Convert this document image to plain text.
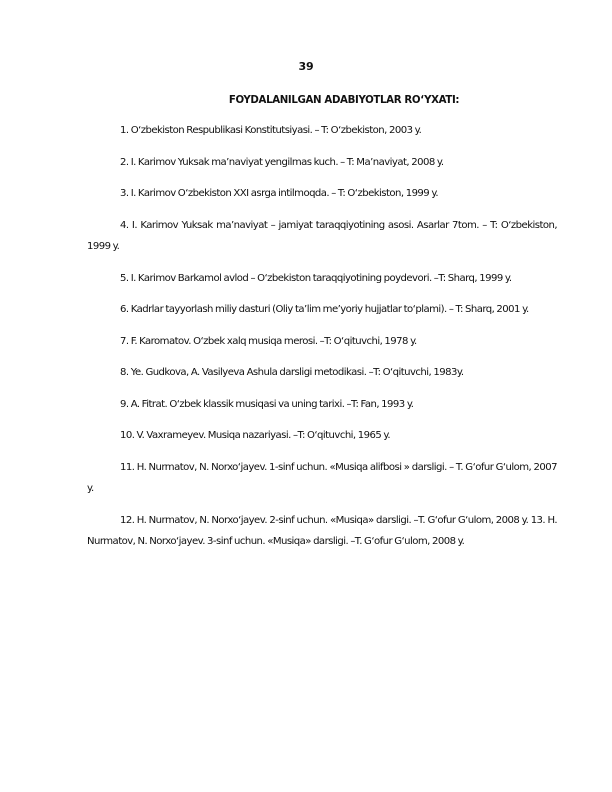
39
FOYDALANILGAN ADABIYOTLAR RO‘YXATI:

1. O‘zbekiston Respublikasi Konstitutsiyasi. – T: O‘zbekiston, 2003 y.

2. I. Karimov Yuksak ma’naviyat yengilmas kuch. – T: Ma’naviyat, 2008 y.

3. I. Karimov O‘zbekiston XXI asrga intilmoqda. – T: O‘zbekiston, 1999 y.

4. I. Karimov Yuksak ma’naviyat – jamiyat taraqqiyotining asosi. Asarlar 7tom. – T: O‘zbekiston, 1999 y.

5. I. Karimov Barkamol avlod – O‘zbekiston taraqqiyotining poydevori. –T: Sharq, 1999 y.

6. Kadrlar tayyorlash miliy dasturi (Oliy ta’lim me’yoriy hujjatlar to‘plami). – T: Sharq, 2001 y.

7. F. Karomatov. O‘zbek xalq musiqa merosi. –T: O‘qituvchi, 1978 y.

8. Ye. Gudkova, A. Vasilyeva Ashula darsligi metodikasi. –T: O‘qituvchi, 1983y.

9. A. Fitrat. O‘zbek klassik musiqasi va uning tarixi. –T: Fan, 1993 y.

10. V. Vaxrameyev. Musiqa nazariyasi. –T: O‘qituvchi, 1965 y.

11. H. Nurmatov, N. Norxo‘jayev. 1-sinf uchun. «Musiqa alifbosi » darsligi. – T. G‘ofur G‘ulom, 2007 y.

12. H. Nurmatov, N. Norxo‘jayev. 2-sinf uchun. «Musiqa» darsligi. –T. G‘ofur G‘ulom, 2008 y. 13. H. Nurmatov, N. Norxo‘jayev. 3-sinf uchun. «Musiqa» darsligi. –T. G‘ofur G‘ulom, 2008 y.
